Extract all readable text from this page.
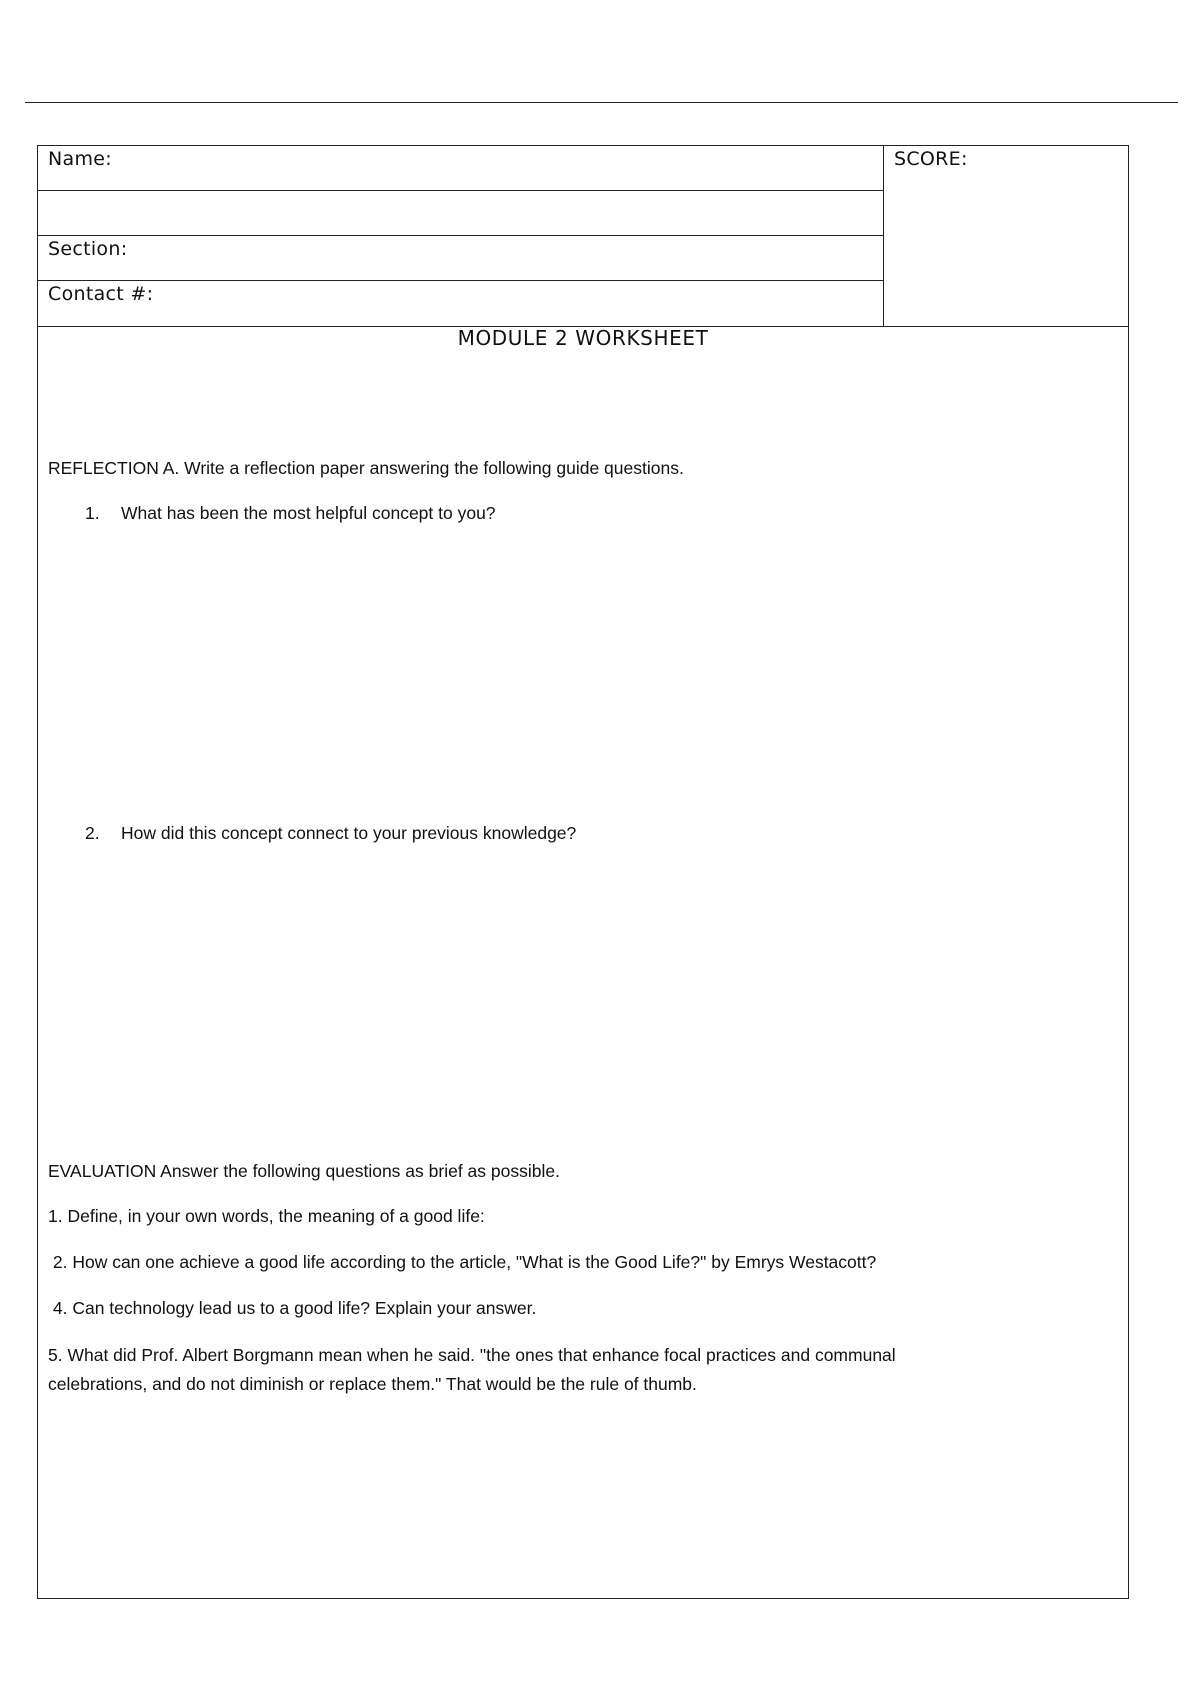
Name:
Section:
Contact #:
SCORE:
MODULE 2 WORKSHEET
REFLECTION A. Write a reflection paper answering the following guide questions.
1. What has been the most helpful concept to you?
2. How did this concept connect to your previous knowledge?
EVALUATION Answer the following questions as brief as possible.
1. Define, in your own words, the meaning of a good life:
2. How can one achieve a good life according to the article, "What is the Good Life?" by Emrys Westacott?
4. Can technology lead us to a good life? Explain your answer.
5. What did Prof. Albert Borgmann mean when he said. "the ones that enhance focal practices and communal
celebrations, and do not diminish or replace them." That would be the rule of thumb.
